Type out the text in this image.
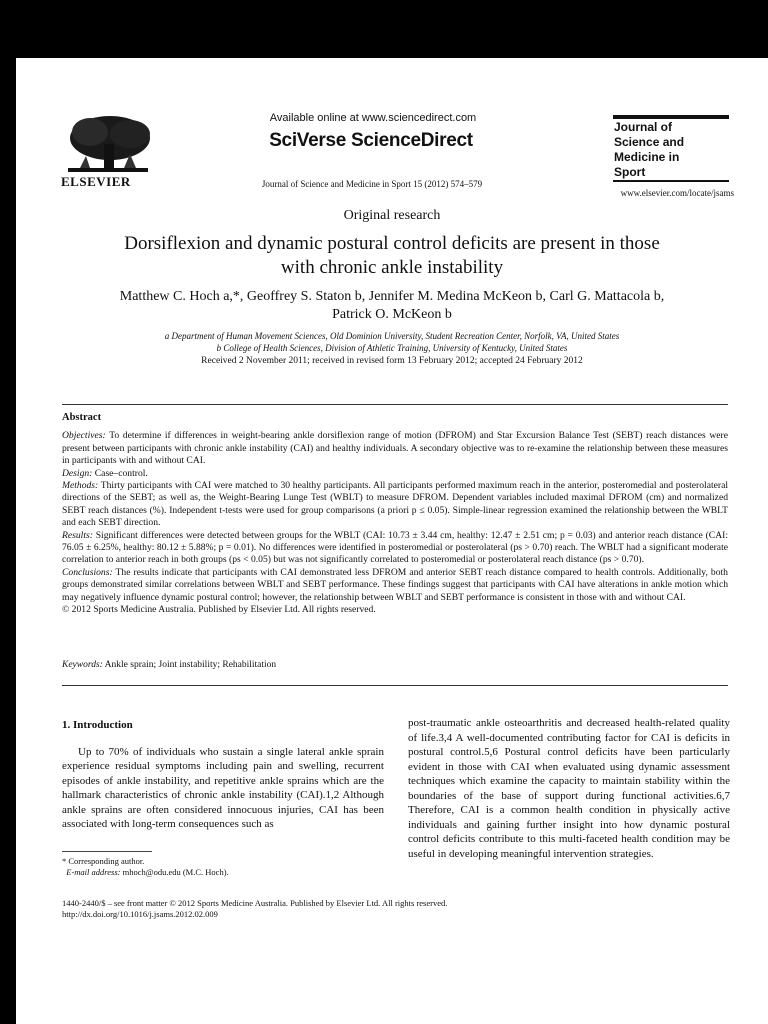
ELSEVIER
Available online at www.sciencedirect.com
SciVerse ScienceDirect
Journal of Science and Medicine in Sport 15 (2012) 574–579
Journal of
Science and
Medicine in
Sport
www.elsevier.com/locate/jsams
Original research
Dorsiflexion and dynamic postural control deficits are present in those
with chronic ankle instability
Matthew C. Hoch a,*, Geoffrey S. Staton b, Jennifer M. Medina McKeon b, Carl G. Mattacola b,
Patrick O. McKeon b
a Department of Human Movement Sciences, Old Dominion University, Student Recreation Center, Norfolk, VA, United States
b College of Health Sciences, Division of Athletic Training, University of Kentucky, United States
Received 2 November 2011; received in revised form 13 February 2012; accepted 24 February 2012

Abstract

Objectives: To determine if differences in weight-bearing ankle dorsiflexion range of motion (DFROM) and Star Excursion Balance Test (SEBT) reach distances were present between participants with chronic ankle instability (CAI) and healthy individuals. A secondary objective was to re-examine the relationship between these measures in participants with and without CAI.

Design: Case–control.

Methods: Thirty participants with CAI were matched to 30 healthy participants. All participants performed maximum reach in the anterior, posteromedial and posterolateral directions of the SEBT; as well as, the Weight-Bearing Lunge Test (WBLT) to measure DFROM. Dependent variables included maximal DFROM (cm) and normalized SEBT reach distances (%). Independent t-tests were used for group comparisons (a priori p ≤ 0.05). Simple-linear regression examined the relationship between the WBLT and each SEBT direction.

Results: Significant differences were detected between groups for the WBLT (CAI: 10.73 ± 3.44 cm, healthy: 12.47 ± 2.51 cm; p = 0.03) and anterior reach distance (CAI: 76.05 ± 6.25%, healthy: 80.12 ± 5.88%; p = 0.01). No differences were identified in posteromedial or posterolateral (ps > 0.70) reach. The WBLT had a significant moderate correlation to anterior reach in both groups (ps < 0.05) but was not significantly correlated to posteromedial or posterolateral reach distance (ps > 0.70).

Conclusions: The results indicate that participants with CAI demonstrated less DFROM and anterior SEBT reach distance compared to health controls. Additionally, both groups demonstrated similar correlations between WBLT and SEBT performance. These findings suggest that participants with CAI have alterations in ankle motion which may negatively influence dynamic postural control; however, the relationship between WBLT and SEBT performance is consistent in those with and without CAI.

© 2012 Sports Medicine Australia. Published by Elsevier Ltd. All rights reserved.

Keywords: Ankle sprain; Joint instability; Rehabilitation

1. Introduction

Up to 70% of individuals who sustain a single lateral ankle sprain experience residual symptoms including pain and swelling, recurrent episodes of ankle instability, and repetitive ankle sprains which are the hallmark characteristics of chronic ankle instability (CAI).1,2 Although ankle sprains are often considered innocuous injuries, CAI has been associated with long-term consequences such as

post-traumatic ankle osteoarthritis and decreased health-related quality of life.3,4 A well-documented contributing factor for CAI is deficits in postural control.5,6 Postural control deficits have been particularly evident in those with CAI when evaluated using dynamic assessment techniques which examine the capacity to maintain stability within the boundaries of the base of support during functional activities.6,7 Therefore, CAI is a common health condition in physically active individuals and gaining further insight into how dynamic postural control deficits contribute to this multi-faceted health condition may be useful in developing meaningful intervention strategies.

* Corresponding author.
E-mail address: mhoch@odu.edu (M.C. Hoch).
1440-2440/$ – see front matter © 2012 Sports Medicine Australia. Published by Elsevier Ltd. All rights reserved.
http://dx.doi.org/10.1016/j.jsams.2012.02.009
